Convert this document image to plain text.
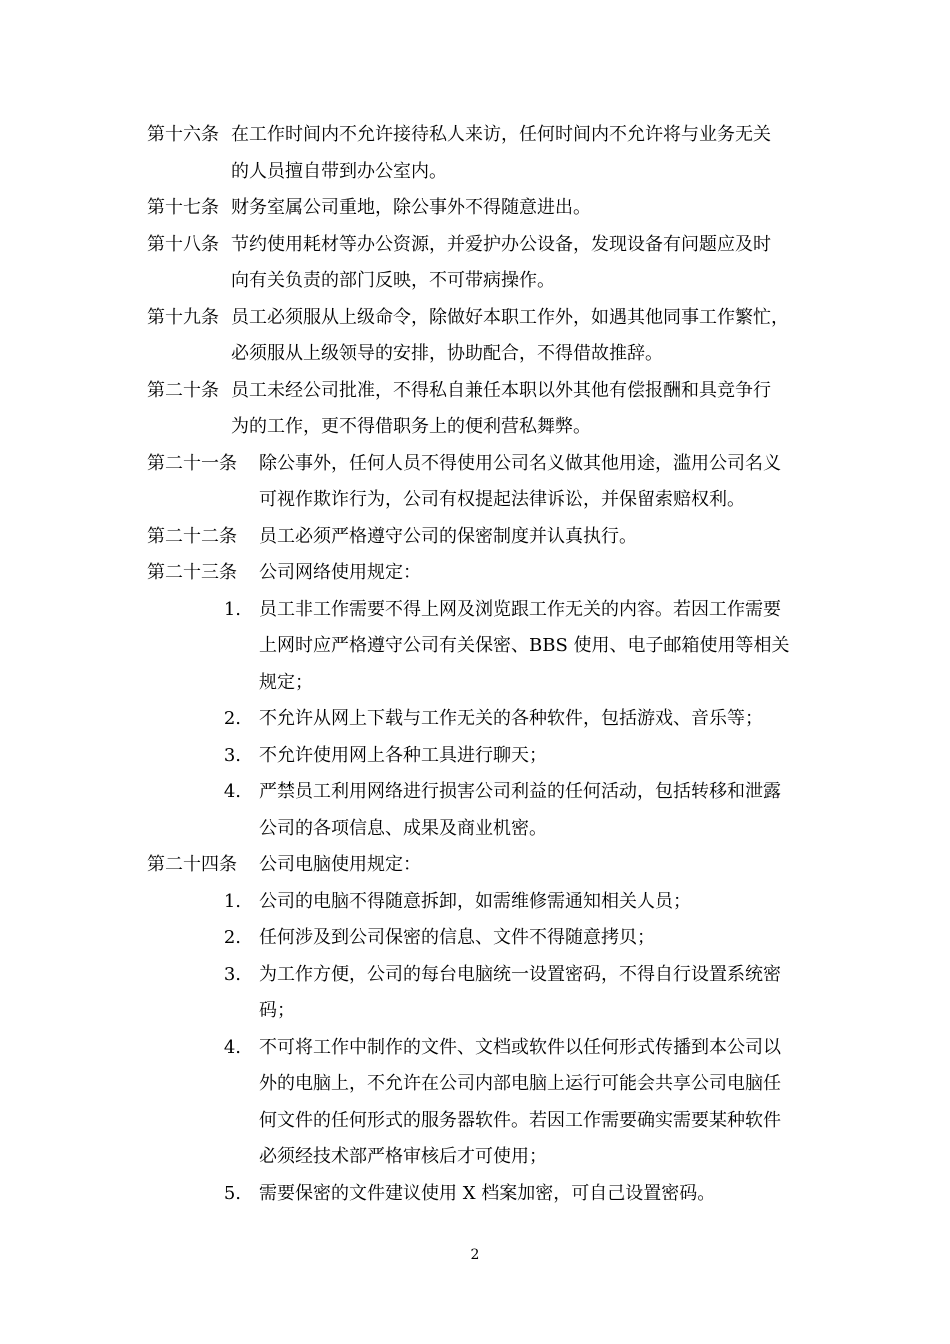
第十六条 在工作时间内不允许接待私人来访，任何时间内不允许将与业务无关
的人员擅自带到办公室内。
第十七条 财务室属公司重地，除公事外不得随意进出。
第十八条 节约使用耗材等办公资源，并爱护办公设备，发现设备有问题应及时
向有关负责的部门反映，不可带病操作。
第十九条 员工必须服从上级命令，除做好本职工作外，如遇其他同事工作繁忙，
必须服从上级领导的安排，协助配合，不得借故推辞。
第二十条 员工未经公司批准，不得私自兼任本职以外其他有偿报酬和具竞争行
为的工作，更不得借职务上的便利营私舞弊。
第二十一条 除公事外，任何人员不得使用公司名义做其他用途，滥用公司名义
可视作欺诈行为，公司有权提起法律诉讼，并保留索赔权利。
第二十二条 员工必须严格遵守公司的保密制度并认真执行。
第二十三条 公司网络使用规定：
1. 员工非工作需要不得上网及浏览跟工作无关的内容。若因工作需要
上网时应严格遵守公司有关保密、BBS 使用、电子邮箱使用等相关
规定；
2. 不允许从网上下载与工作无关的各种软件，包括游戏、音乐等；
3. 不允许使用网上各种工具进行聊天；
4. 严禁员工利用网络进行损害公司利益的任何活动，包括转移和泄露
公司的各项信息、成果及商业机密。
第二十四条 公司电脑使用规定：
1. 公司的电脑不得随意拆卸，如需维修需通知相关人员；
2. 任何涉及到公司保密的信息、文件不得随意拷贝；
3. 为工作方便，公司的每台电脑统一设置密码，不得自行设置系统密
码；
4. 不可将工作中制作的文件、文档或软件以任何形式传播到本公司以
外的电脑上，不允许在公司内部电脑上运行可能会共享公司电脑任
何文件的任何形式的服务器软件。若因工作需要确实需要某种软件
必须经技术部严格审核后才可使用；
5. 需要保密的文件建议使用 X 档案加密，可自己设置密码。
2
